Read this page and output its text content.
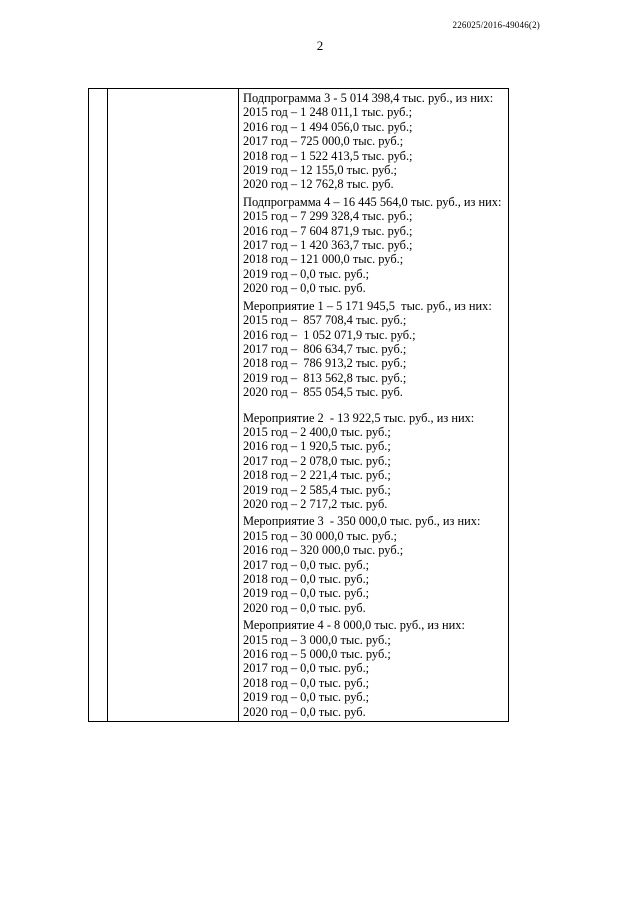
226025/2016-49046(2)
2
Подпрограмма 3 - 5 014 398,4 тыс. руб., из них:
2015 год – 1 248 011,1 тыс. руб.;
2016 год – 1 494 056,0 тыс. руб.;
2017 год – 725 000,0 тыс. руб.;
2018 год – 1 522 413,5 тыс. руб.;
2019 год – 12 155,0 тыс. руб.;
2020 год – 12 762,8 тыс. руб.
Подпрограмма 4 – 16 445 564,0 тыс. руб., из них:
2015 год – 7 299 328,4 тыс. руб.;
2016 год – 7 604 871,9 тыс. руб.;
2017 год – 1 420 363,7 тыс. руб.;
2018 год – 121 000,0 тыс. руб.;
2019 год – 0,0 тыс. руб.;
2020 год – 0,0 тыс. руб.
Мероприятие 1 – 5 171 945,5  тыс. руб., из них:
2015 год –  857 708,4 тыс. руб.;
2016 год –  1 052 071,9 тыс. руб.;
2017 год –  806 634,7 тыс. руб.;
2018 год –  786 913,2 тыс. руб.;
2019 год –  813 562,8 тыс. руб.;
2020 год –  855 054,5 тыс. руб.
Мероприятие 2  - 13 922,5 тыс. руб., из них:
2015 год – 2 400,0 тыс. руб.;
2016 год – 1 920,5 тыс. руб.;
2017 год – 2 078,0 тыс. руб.;
2018 год – 2 221,4 тыс. руб.;
2019 год – 2 585,4 тыс. руб.;
2020 год – 2 717,2 тыс. руб.
Мероприятие 3  - 350 000,0 тыс. руб., из них:
2015 год – 30 000,0 тыс. руб.;
2016 год – 320 000,0 тыс. руб.;
2017 год – 0,0 тыс. руб.;
2018 год – 0,0 тыс. руб.;
2019 год – 0,0 тыс. руб.;
2020 год – 0,0 тыс. руб.
Мероприятие 4 - 8 000,0 тыс. руб., из них:
2015 год – 3 000,0 тыс. руб.;
2016 год – 5 000,0 тыс. руб.;
2017 год – 0,0 тыс. руб.;
2018 год – 0,0 тыс. руб.;
2019 год – 0,0 тыс. руб.;
2020 год – 0,0 тыс. руб.
